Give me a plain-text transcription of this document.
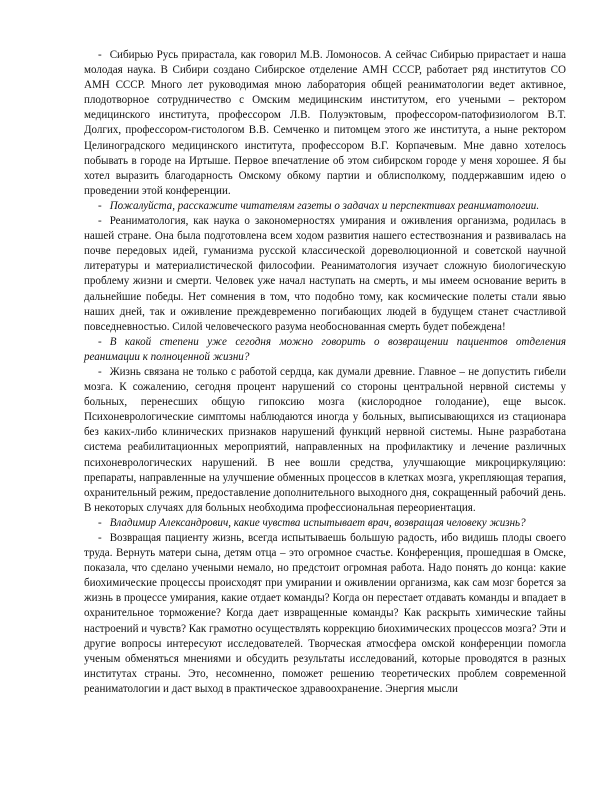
- Сибирью Русь прирастала, как говорил М.В. Ломоносов. А сейчас Сибирью прирастает и наша молодая наука. В Сибири создано Сибирское отделение АМН СССР, работает ряд институтов СО АМН СССР. Много лет руководимая мною лаборатория общей реаниматологии ведет активное, плодотворное сотрудничество с Омским медицинским институтом, его учеными – ректором медицинского института, профессором Л.В. Полуэктовым, профессором-патофизиологом В.Т. Долгих, профессором-гистологом В.В. Семченко и питомцем этого же института, а ныне ректором Целиноградского медицинского института, профессором В.Г. Корпачевым. Мне давно хотелось побывать в городе на Иртыше. Первое впечатление об этом сибирском городе у меня хорошее. Я бы хотел выразить благодарность Омскому обкому партии и облисполкому, поддержавшим идею о проведении этой конференции.

- Пожалуйста, расскажите читателям газеты о задачах и перспективах реаниматологии.

- Реаниматология, как наука о закономерностях умирания и оживления организма, родилась в нашей стране. Она была подготовлена всем ходом развития нашего естествознания и развивалась на почве передовых идей, гуманизма русской классической дореволюционной и советской научной литературы и материалистической философии. Реаниматология изучает сложную биологическую проблему жизни и смерти. Человек уже начал наступать на смерть, и мы имеем основание верить в дальнейшие победы. Нет сомнения в том, что подобно тому, как космические полеты стали явью наших дней, так и оживление преждевременно погибающих людей в будущем станет счастливой повседневностью. Силой человеческого разума необоснованная смерть будет побеждена!

- В какой степени уже сегодня можно говорить о возвращении пациентов отделения реанимации к полноценной жизни?

- Жизнь связана не только с работой сердца, как думали древние. Главное – не допустить гибели мозга. К сожалению, сегодня процент нарушений со стороны центральной нервной системы у больных, перенесших общую гипоксию мозга (кислородное голодание), еще высок. Психоневрологические симптомы наблюдаются иногда у больных, выписывающихся из стационара без каких-либо клинических признаков нарушений функций нервной системы. Ныне разработана система реабилитационных мероприятий, направленных на профилактику и лечение различных психоневрологических нарушений. В нее вошли средства, улучшающие микроциркуляцию: препараты, направленные на улучшение обменных процессов в клетках мозга, укрепляющая терапия, охранительный режим, предоставление дополнительного выходного дня, сокращенный рабочий день. В некоторых случаях для больных необходима профессиональная переориентация.

- Владимир Александрович, какие чувства испытывает врач, возвращая человеку жизнь?

- Возвращая пациенту жизнь, всегда испытываешь большую радость, ибо видишь плоды своего труда. Вернуть матери сына, детям отца – это огромное счастье. Конференция, прошедшая в Омске, показала, что сделано учеными немало, но предстоит огромная работа. Надо понять до конца: какие биохимические процессы происходят при умирании и оживлении организма, как сам мозг борется за жизнь в процессе умирания, какие отдает команды? Когда он перестает отдавать команды и впадает в охранительное торможение? Когда дает извращенные команды? Как раскрыть химические тайны настроений и чувств? Как грамотно осуществлять коррекцию биохимических процессов мозга? Эти и другие вопросы интересуют исследователей. Творческая атмосфера омской конференции помогла ученым обменяться мнениями и обсудить результаты исследований, которые проводятся в разных институтах страны. Это, несомненно, поможет решению теоретических проблем современной реаниматологии и даст выход в практическое здравоохранение. Энергия мысли
